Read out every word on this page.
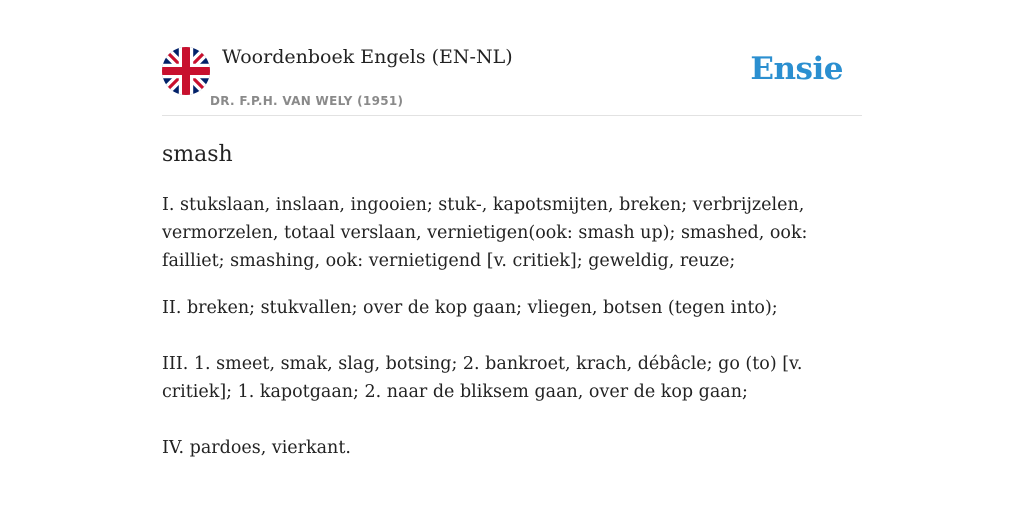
Woordenboek Engels (EN-NL)
DR. F.P.H. VAN WELY (1951)
Ensie
smash

I. stukslaan, inslaan, ingooien; stuk-, kapotsmijten, breken; verbrijzelen, vermorzelen, totaal verslaan, vernietigen(ook: smash up); smashed, ook: failliet; smashing, ook: vernietigend [v. critiek]; geweldig, reuze;

II. breken; stukvallen; over de kop gaan; vliegen, botsen (tegen into);

III. 1. smeet, smak, slag, botsing; 2. bankroet, krach, débâcle; go (to) [v. critiek]; 1. kapotgaan; 2. naar de bliksem gaan, over de kop gaan;

IV. pardoes, vierkant.
